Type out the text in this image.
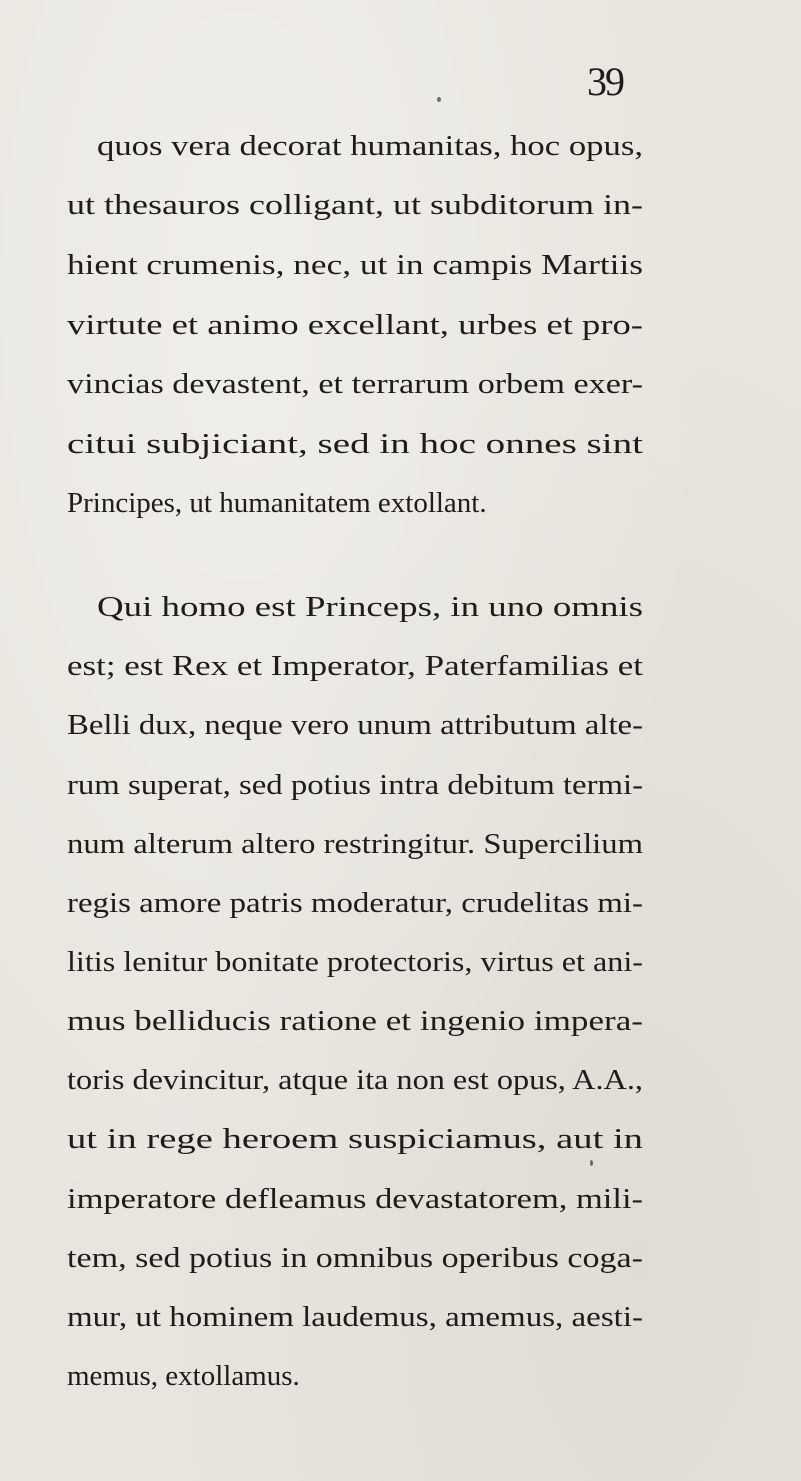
39
quos vera decorat humanitas, hoc opus,
ut thesauros colligant, ut subditorum in-
hient crumenis, nec, ut in campis Martiis
virtute et animo excellant, urbes et pro-
vincias devastent, et terrarum orbem exer-
citui subjiciant, sed in hoc onnes sint
Principes, ut humanitatem extollant.
Qui homo est Princeps, in uno omnis
est; est Rex et Imperator, Paterfamilias et
Belli dux, neque vero unum attributum alte-
rum superat, sed potius intra debitum termi-
num alterum altero restringitur. Supercilium
regis amore patris moderatur, crudelitas mi-
litis lenitur bonitate protectoris, virtus et ani-
mus belliducis ratione et ingenio impera-
toris devincitur, atque ita non est opus, A.A.,
ut in rege heroem suspiciamus, aut in
imperatore defleamus devastatorem, mili-
tem, sed potius in omnibus operibus coga-
mur, ut hominem laudemus, amemus, aesti-
memus, extollamus.
